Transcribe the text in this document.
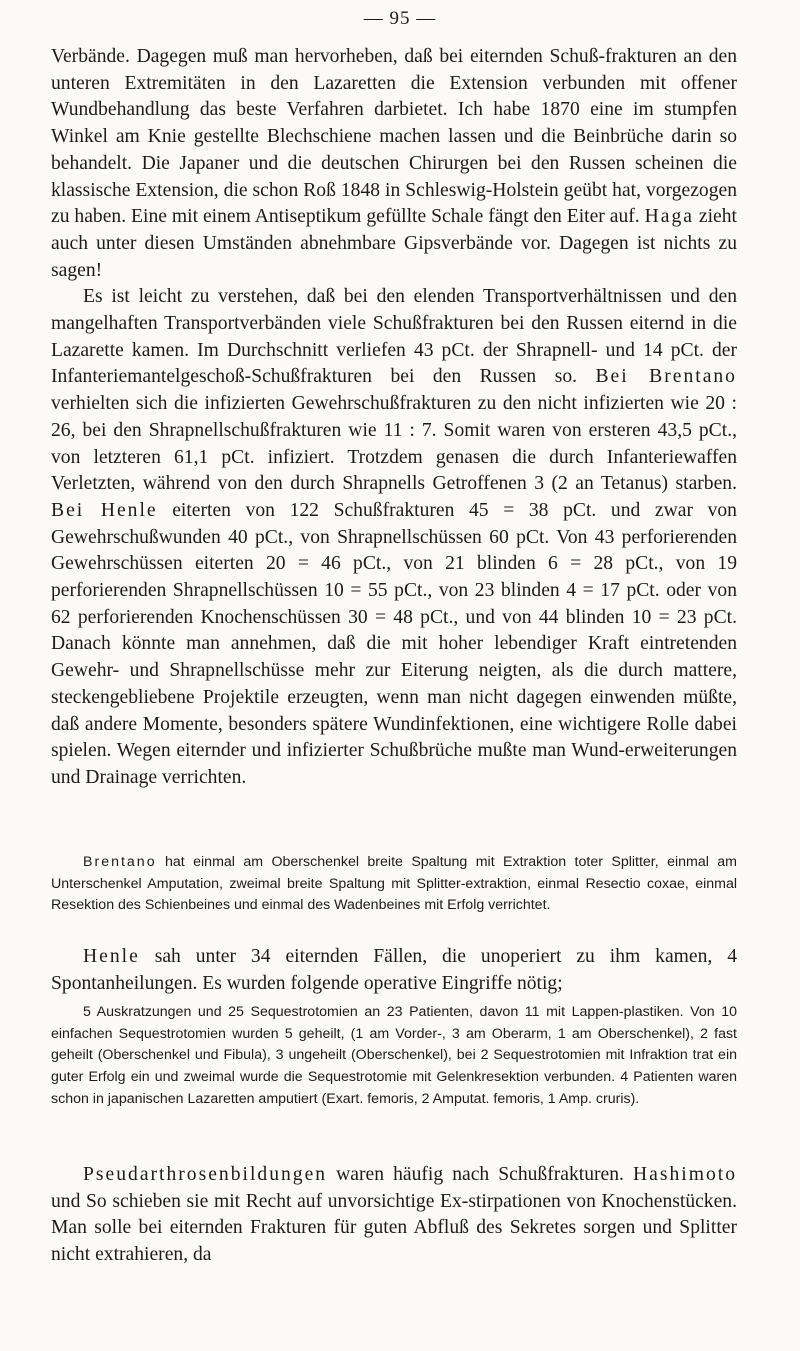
— 95 —

Verbände. Dagegen muß man hervorheben, daß bei eiternden Schuß-frakturen an den unteren Extremitäten in den Lazaretten die Extension verbunden mit offener Wundbehandlung das beste Verfahren darbietet. Ich habe 1870 eine im stumpfen Winkel am Knie gestellte Blechschiene machen lassen und die Beinbrüche darin so behandelt. Die Japaner und die deutschen Chirurgen bei den Russen scheinen die klassische Extension, die schon Roß 1848 in Schleswig-Holstein geübt hat, vorgezogen zu haben. Eine mit einem Antiseptikum gefüllte Schale fängt den Eiter auf. Haga zieht auch unter diesen Umständen abnehmbare Gipsverbände vor. Dagegen ist nichts zu sagen!

Es ist leicht zu verstehen, daß bei den elenden Transportverhältnissen und den mangelhaften Transportverbänden viele Schußfrakturen bei den Russen eiternd in die Lazarette kamen. Im Durchschnitt verliefen 43 pCt. der Shrapnell- und 14 pCt. der Infanteriemantelgeschoß-Schußfrakturen bei den Russen so. Bei Brentano verhielten sich die infizierten Gewehrschußfrakturen zu den nicht infizierten wie 20 : 26, bei den Shrapnellschußfrakturen wie 11 : 7. Somit waren von ersteren 43,5 pCt., von letzteren 61,1 pCt. infiziert. Trotzdem genasen die durch Infanteriewaffen Verletzten, während von den durch Shrapnells Getroffenen 3 (2 an Tetanus) starben. Bei Henle eiterten von 122 Schußfrakturen 45 = 38 pCt. und zwar von Gewehrschußwunden 40 pCt., von Shrapnellschüssen 60 pCt. Von 43 perforierenden Gewehrschüssen eiterten 20 = 46 pCt., von 21 blinden 6 = 28 pCt., von 19 perforierenden Shrapnellschüssen 10 = 55 pCt., von 23 blinden 4 = 17 pCt. oder von 62 perforierenden Knochenschüssen 30 = 48 pCt., und von 44 blinden 10 = 23 pCt. Danach könnte man annehmen, daß die mit hoher lebendiger Kraft eintretenden Gewehr- und Shrapnellschüsse mehr zur Eiterung neigten, als die durch mattere, steckengebliebene Projektile erzeugten, wenn man nicht dagegen einwenden müßte, daß andere Momente, besonders spätere Wundinfektionen, eine wichtigere Rolle dabei spielen. Wegen eiternder und infizierter Schußbrüche mußte man Wund-erweiterungen und Drainage verrichten.

Brentano hat einmal am Oberschenkel breite Spaltung mit Extraktion toter Splitter, einmal am Unterschenkel Amputation, zweimal breite Spaltung mit Splitter-extraktion, einmal Resectio coxae, einmal Resektion des Schienbeines und einmal des Wadenbeines mit Erfolg verrichtet.

Henle sah unter 34 eiternden Fällen, die unoperiert zu ihm kamen, 4 Spontanheilungen. Es wurden folgende operative Eingriffe nötig;

5 Auskratzungen und 25 Sequestrotomien an 23 Patienten, davon 11 mit Lappen-plastiken. Von 10 einfachen Sequestrotomien wurden 5 geheilt, (1 am Vorder-, 3 am Oberarm, 1 am Oberschenkel), 2 fast geheilt (Oberschenkel und Fibula), 3 ungeheilt (Oberschenkel), bei 2 Sequestrotomien mit Infraktion trat ein guter Erfolg ein und zweimal wurde die Sequestrotomie mit Gelenkresektion verbunden. 4 Patienten waren schon in japanischen Lazaretten amputiert (Exart. femoris, 2 Amputat. femoris, 1 Amp. cruris).

Pseudarthrosenbildungen waren häufig nach Schußfrakturen. Hashimoto und So schieben sie mit Recht auf unvorsichtige Ex-stirpationen von Knochenstücken. Man solle bei eiternden Frakturen für guten Abfluß des Sekretes sorgen und Splitter nicht extrahieren, da
